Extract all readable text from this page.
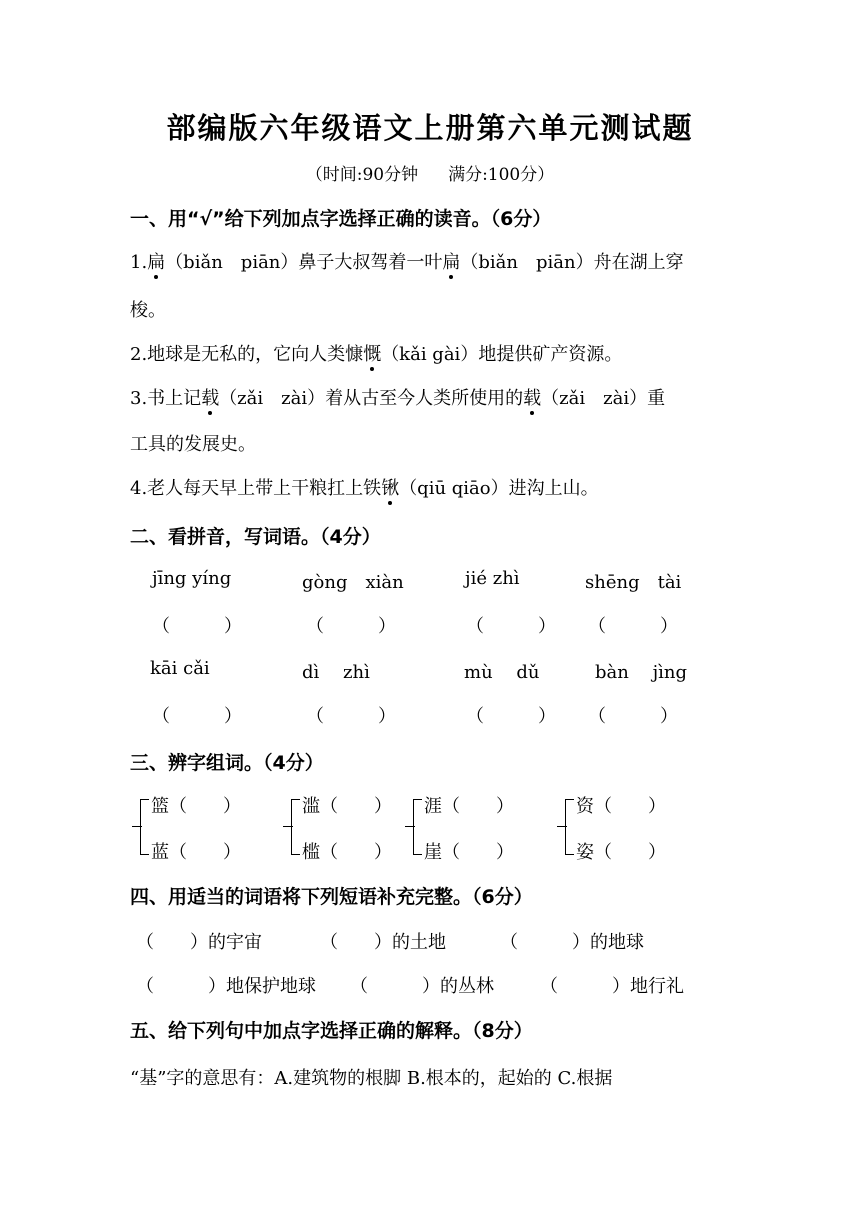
部编版六年级语文上册第六单元测试题
（时间:90分钟 满分:100分）
一、用“√”给下列加点字选择正确的读音。（6分）
1.扁（biǎn　piān）鼻子大叔驾着一叶扁（biǎn　piān）舟在湖上穿
梭。
2.地球是无私的，它向人类慷慨（kǎi gài）地提供矿产资源。
3.书上记载（zǎi　zài）着从古至今人类所使用的载（zǎi　zài）重
工具的发展史。
4.老人每天早上带上干粮扛上铁锹（qiū qiāo）进沟上山。
二、看拼音，写词语。（4分）
jīng yíng	gòng　xiàn	jié zhì	shēng　tài
（　　　）	（　　　）	（　　　） （　　　）
kāi cǎi	dì　 zhì	mù　 dǔ	bàn　 jìng
（　　　）	（　　　）	（　　　） （　　　）
三、辨字组词。（4分）
篮（　　）
蓝（　　）
滥（　　）
槛（　　）
涯（　　）
崖（　　）
资（　　）
姿（　　）
四、用适当的词语将下列短语补充完整。（6分）
（　　）的宇宙	（　　）的土地	（　　　）的地球
（　　　）地保护地球 （　　　）的丛林	（　　　）地行礼
五、给下列句中加点字选择正确的解释。（8分）
“基”字的意思有：A.建筑物的根脚 B.根本的，起始的 C.根据
